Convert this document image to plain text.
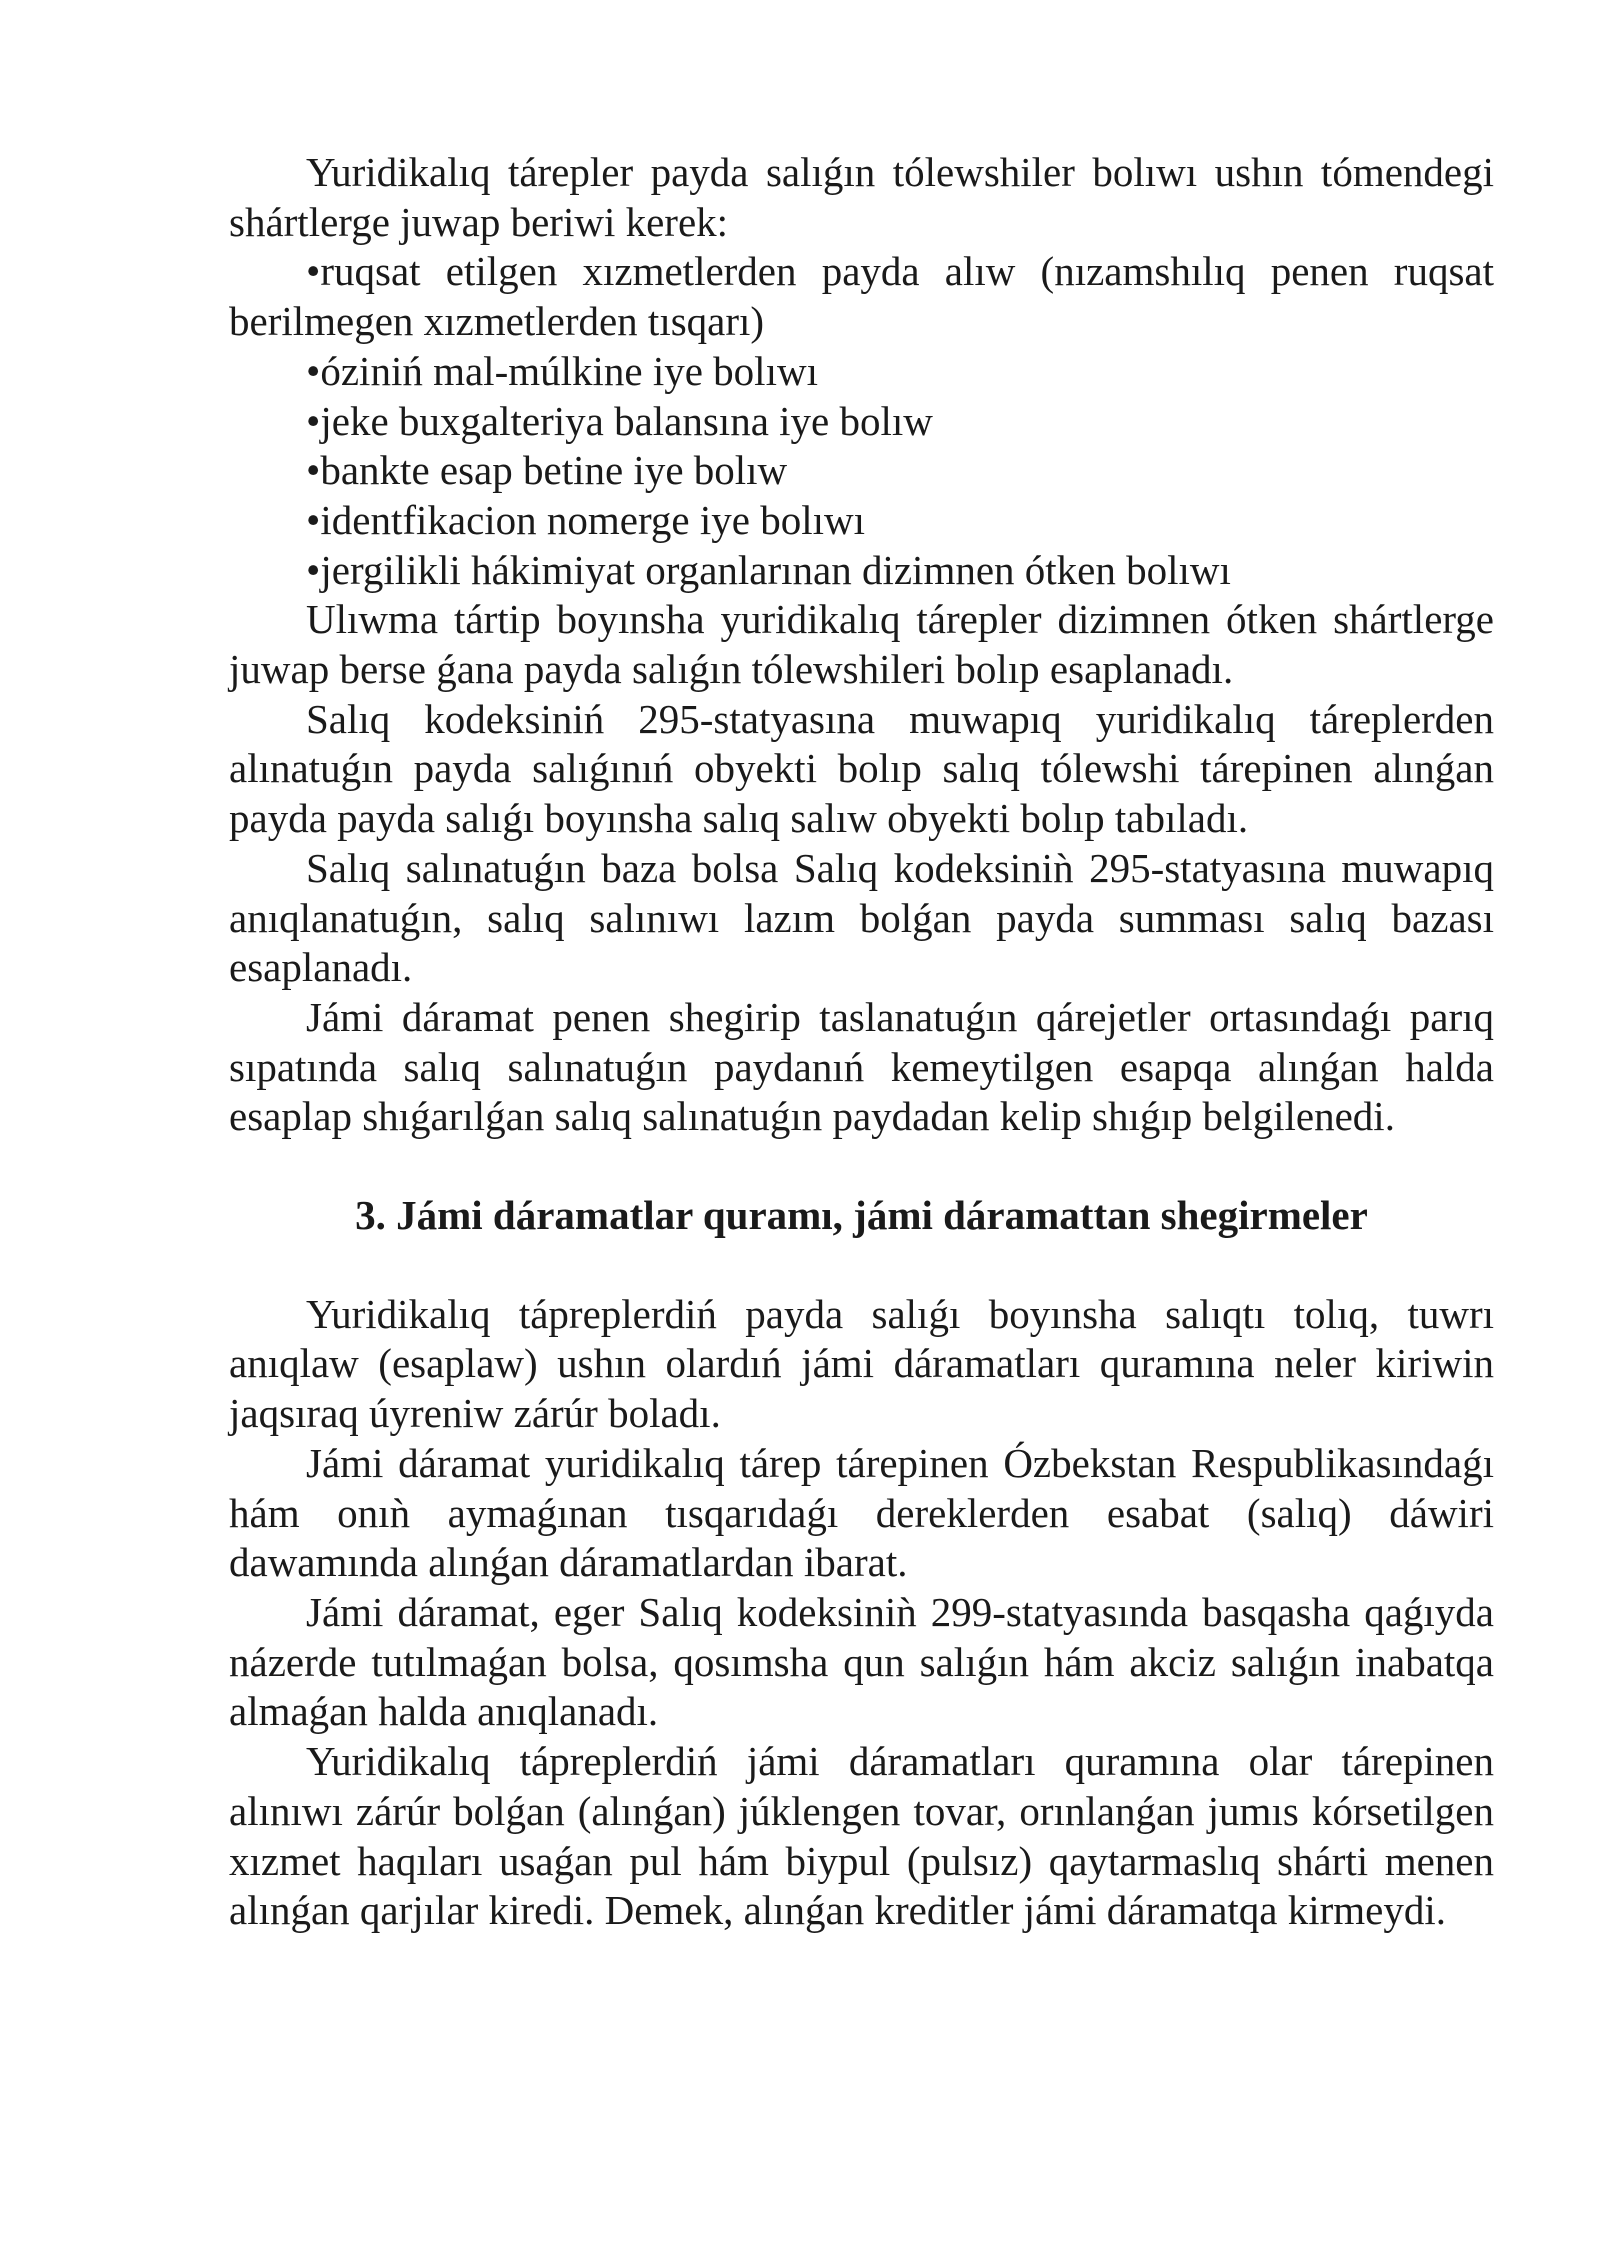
Yuridikalıq tárepler payda salıǵın tólewshiler bolıwı ushın tómendegi shártlerge juwap beriwi kerek:

•ruqsat etilgen xızmetlerden payda alıw (nızamshılıq penen ruqsat berilmegen xızmetlerden tısqarı)

•óziniń mal-múlkine iye bolıwı

•jeke buxgalteriya balansına iye bolıw

•bankte esap betine iye bolıw

•identfikacion nomerge iye bolıwı

•jergilikli hákimiyat organlarınan dizimnen ótken bolıwı

Ulıwma tártip boyınsha yuridikalıq tárepler dizimnen ótken shártlerge juwap berse ǵana payda salıǵın tólewshileri bolıp esaplanadı.

Salıq kodeksiniń 295-statyasına muwapıq yuridikalıq táreplerden alınatuǵın payda salıǵınıń obyekti bolıp salıq tólewshi tárepinen alınǵan payda payda salıǵı boyınsha salıq salıw obyekti bolıp tabıladı.

Salıq salınatuǵın baza bolsa Salıq kodeksiniǹ 295-statyasına muwapıq anıqlanatuǵın, salıq salınıwı lazım bolǵan payda summası salıq bazası esaplanadı.

Jámi dáramat penen shegirip taslanatuǵın qárejetler ortasındaǵı parıq sıpatında salıq salınatuǵın paydanıń kemeytilgen esapqa alınǵan halda esaplap shıǵarılǵan salıq salınatuǵın paydadan kelip shıǵıp belgilenedi.

3. Jámi dáramatlar quramı, jámi dáramattan shegirmeler

Yuridikalıq tápreplerdiń payda salıǵı boyınsha salıqtı tolıq, tuwrı anıqlaw (esaplaw) ushın olardıń jámi dáramatları quramına neler kiriwin jaqsıraq úyreniw zárúr boladı.

Jámi dáramat yuridikalıq tárep tárepinen Ózbekstan Respublikasındaǵı hám onıǹ aymaǵınan tısqarıdaǵı dereklerden esabat (salıq) dáwiri dawamında alınǵan dáramatlardan ibarat.

Jámi dáramat, eger Salıq kodeksiniǹ 299-statyasında basqasha qaǵıyda názerde tutılmaǵan bolsa, qosımsha qun salıǵın hám akciz salıǵın inabatqa almaǵan halda anıqlanadı.

Yuridikalıq tápreplerdiń jámi dáramatları quramına olar tárepinen alınıwı zárúr bolǵan (alınǵan) júklengen tovar, orınlanǵan jumıs kórsetilgen xızmet haqıları usaǵan pul hám biypul (pulsız) qaytarmaslıq shárti menen alınǵan qarjılar kiredi. Demek, alınǵan kreditler jámi dáramatqa kirmeydi.
